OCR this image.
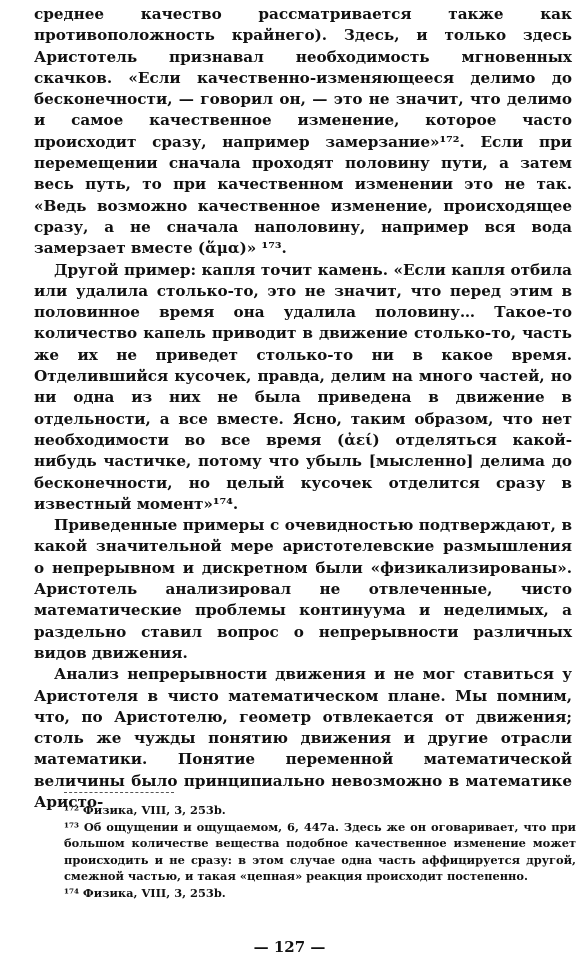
среднее качество рассматривается также как противоположность крайнего). Здесь, и только здесь Аристотель признавал необходимость мгновенных скачков. «Если качественно-изменяющееся делимо до бесконечности, — говорил он, — это не значит, что делимо и самое качественное изменение, которое часто происходит сразу, например замерзание»¹⁷². Если при перемещении сначала проходят половину пути, а затем весь путь, то при качественном изменении это не так. «Ведь возможно качественное изменение, происходящее сразу, а не сначала наполовину, например вся вода замерзает вместе (ἅμα)» ¹⁷³.

Другой пример: капля точит камень. «Если капля отбила или удалила столько-то, это не значит, что перед этим в половинное время она удалила половину… Такое-то количество капель приводит в движение столько-то, часть же их не приведет столько-то ни в какое время. Отделившийся кусочек, правда, делим на много частей, но ни одна из них не была приведена в движение в отдельности, а все вместе. Ясно, таким образом, что нет необходимости во все время (ἀεί) отделяться какой-нибудь частичке, потому что убыль [мысленно] делима до бесконечности, но целый кусочек отделится сразу в известный момент»¹⁷⁴.

Приведенные примеры с очевидностью подтверждают, в какой значительной мере аристотелевские размышления о непрерывном и дискретном были «физикализированы». Аристотель анализировал не отвлеченные, чисто математические проблемы континуума и неделимых, а раздельно ставил вопрос о непрерывности различных видов движения.

Анализ непрерывности движения и не мог ставиться у Аристотеля в чисто математическом плане. Мы помним, что, по Аристотелю, геометр отвлекается от движения; столь же чужды понятию движения и другие отрасли математики. Понятие переменной математической величины было принципиально невозможно в математике Аристо-

¹⁷² Физика, VIII, 3, 253b.

¹⁷³ Об ощущении и ощущаемом, 6, 447a. Здесь же он оговаривает, что при большом количестве вещества подобное качественное изменение может происходить и не сразу: в этом случае одна часть аффицируется другой, смежной частью, и такая «цепная» реакция происходит постепенно.

¹⁷⁴ Физика, VIII, 3, 253b.

— 127 —
